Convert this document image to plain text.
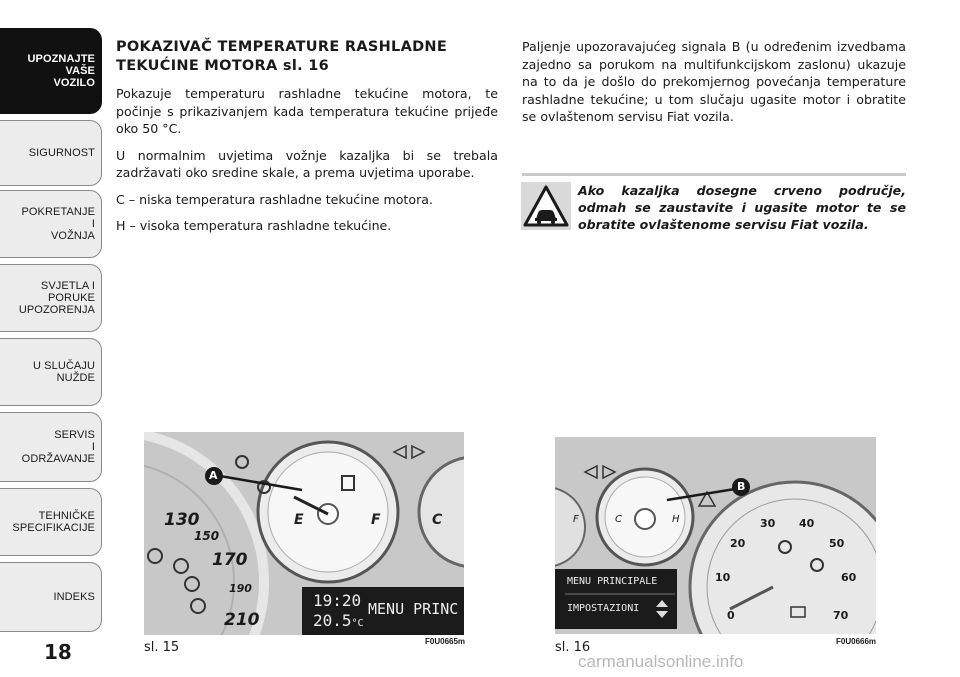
UPOZNAJTE
VAŠE
VOZILO
SIGURNOST
POKRETANJE
I
VOŽNJA
SVJETLA I
PORUKE
UPOZORENJA
U SLUČAJU
NUŽDE
SERVIS
I
ODRŽAVANJE
TEHNIČKE
SPECIFIKACIJE
INDEKS
18
POKAZIVAČ TEMPERATURE RASHLADNE TEKUĆINE MOTORA sl. 16

Pokazuje temperaturu rashladne tekućine motora, te počinje s prikazivanjem kada temperatura tekućine prijeđe oko 50 °C.

U normalnim uvjetima vožnje kazaljka bi se trebala zadržavati oko sredine skale, a prema uvjetima uporabe.

C – niska temperatura rashladne tekućine motora.

H – visoka temperatura rashladne tekućine.

Paljenje upozoravajućeg signala B (u određenim izvedbama zajedno sa porukom na multifunkcijskom zaslonu) ukazuje na to da je došlo do prekomjernog povećanja temperature rashladne tekućine; u tom slučaju ugasite motor i obratite se ovlaštenom servisu Fiat vozila.

Ako kazaljka dosegne crveno područje, odmah se zaustavite i ugasite motor te se obratite ovlaštenome servisu Fiat vozila.
A
130
150
170
190
210
E	F	C
19:20
20.5°C
MENU PRINC
F0U0665m
sl. 15
B
F	C	H
0
10
20
30 40
50
60
70
MENU PRINCIPALE
IMPOSTAZIONI
F0U0666m
sl. 16
carmanualsonline.info
